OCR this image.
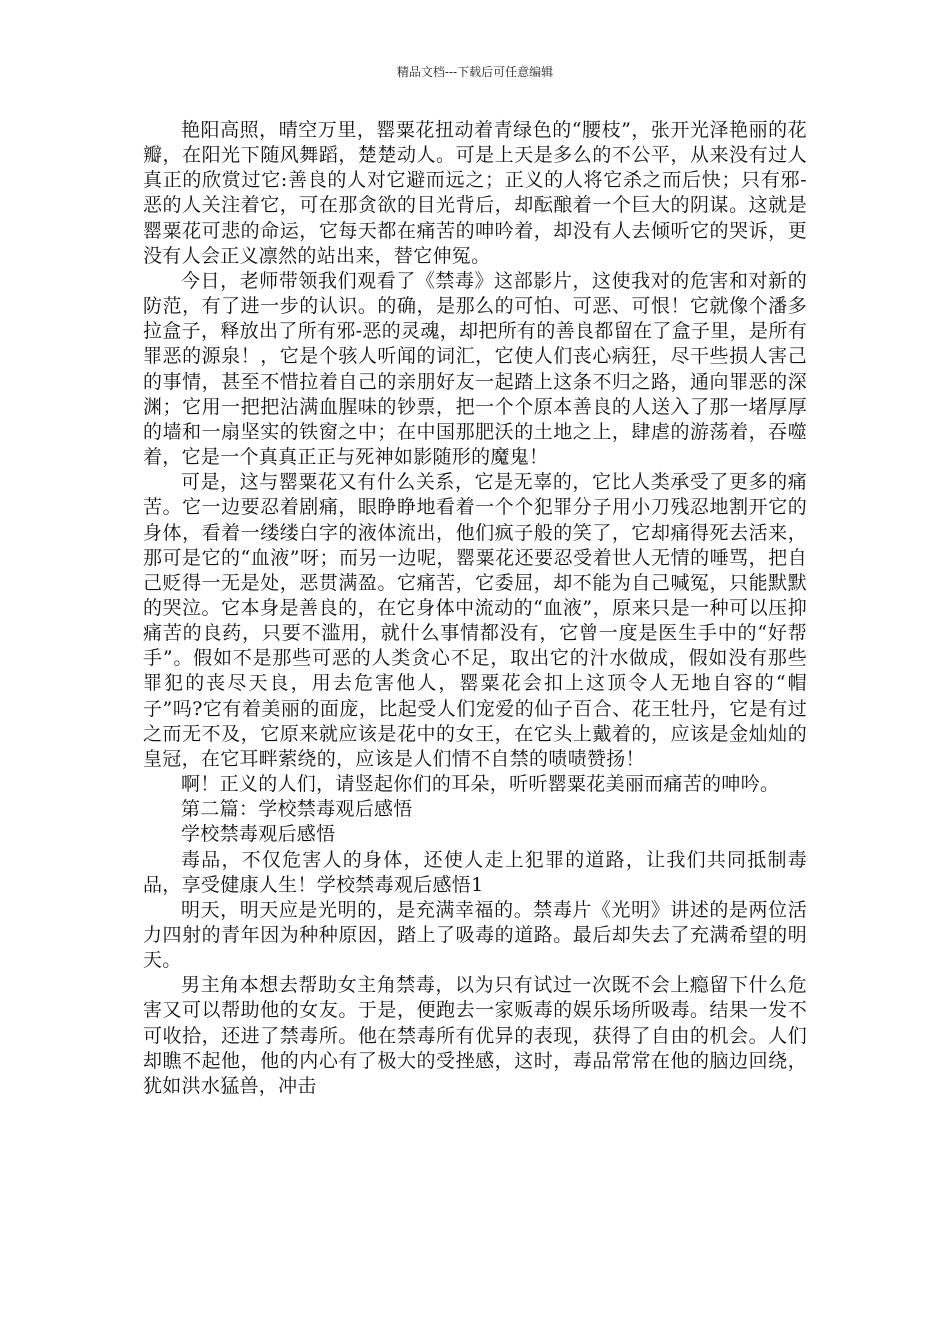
精品文档---下载后可任意编辑

艳阳高照，晴空万里，罂粟花扭动着青绿色的“腰枝”，张开光泽艳丽的花瓣，在阳光下随风舞蹈，楚楚动人。可是上天是多么的不公平，从来没有过人真正的欣赏过它:善良的人对它避而远之；正义的人将它杀之而后快；只有邪-恶的人关注着它，可在那贪欲的目光背后，却酝酿着一个巨大的阴谋。这就是罂粟花可悲的命运，它每天都在痛苦的呻吟着，却没有人去倾听它的哭诉，更没有人会正义凛然的站出来，替它伸冤。

今日，老师带领我们观看了《禁毒》这部影片，这使我对的危害和对新的防范，有了进一步的认识。的确，是那么的可怕、可恶、可恨！它就像个潘多拉盒子，释放出了所有邪-恶的灵魂，却把所有的善良都留在了盒子里，是所有罪恶的源泉！，它是个骇人听闻的词汇，它使人们丧心病狂，尽干些损人害己的事情，甚至不惜拉着自己的亲朋好友一起踏上这条不归之路，通向罪恶的深渊；它用一把把沾满血腥味的钞票，把一个个原本善良的人送入了那一堵厚厚的墙和一扇坚实的铁窗之中；在中国那肥沃的土地之上，肆虐的游荡着，吞噬着，它是一个真真正正与死神如影随形的魔鬼！

可是，这与罂粟花又有什么关系，它是无辜的，它比人类承受了更多的痛苦。它一边要忍着剧痛，眼睁睁地看着一个个犯罪分子用小刀残忍地割开它的身体，看着一缕缕白字的液体流出，他们疯子般的笑了，它却痛得死去活来，那可是它的“血液”呀；而另一边呢，罂粟花还要忍受着世人无情的唾骂，把自己贬得一无是处，恶贯满盈。它痛苦，它委屈，却不能为自己喊冤，只能默默的哭泣。它本身是善良的，在它身体中流动的“血液”，原来只是一种可以压抑痛苦的良药，只要不滥用，就什么事情都没有，它曾一度是医生手中的“好帮手”。假如不是那些可恶的人类贪心不足，取出它的汁水做成，假如没有那些罪犯的丧尽天良，用去危害他人，罂粟花会扣上这顶令人无地自容的“帽子”吗?它有着美丽的面庞，比起受人们宠爱的仙子百合、花王牡丹，它是有过之而无不及，它原来就应该是花中的女王，在它头上戴着的，应该是金灿灿的皇冠，在它耳畔萦绕的，应该是人们情不自禁的啧啧赞扬！

啊！正义的人们，请竖起你们的耳朵，听听罂粟花美丽而痛苦的呻吟。

第二篇：学校禁毒观后感悟

学校禁毒观后感悟

毒品，不仅危害人的身体，还使人走上犯罪的道路，让我们共同抵制毒品，享受健康人生！学校禁毒观后感悟1

明天，明天应是光明的，是充满幸福的。禁毒片《光明》讲述的是两位活力四射的青年因为种种原因，踏上了吸毒的道路。最后却失去了充满希望的明天。

男主角本想去帮助女主角禁毒，以为只有试过一次既不会上瘾留下什么危害又可以帮助他的女友。于是，便跑去一家贩毒的娱乐场所吸毒。结果一发不可收拾，还进了禁毒所。他在禁毒所有优异的表现，获得了自由的机会。人们却瞧不起他，他的内心有了极大的受挫感，这时，毒品常常在他的脑边回绕，犹如洪水猛兽，冲击
